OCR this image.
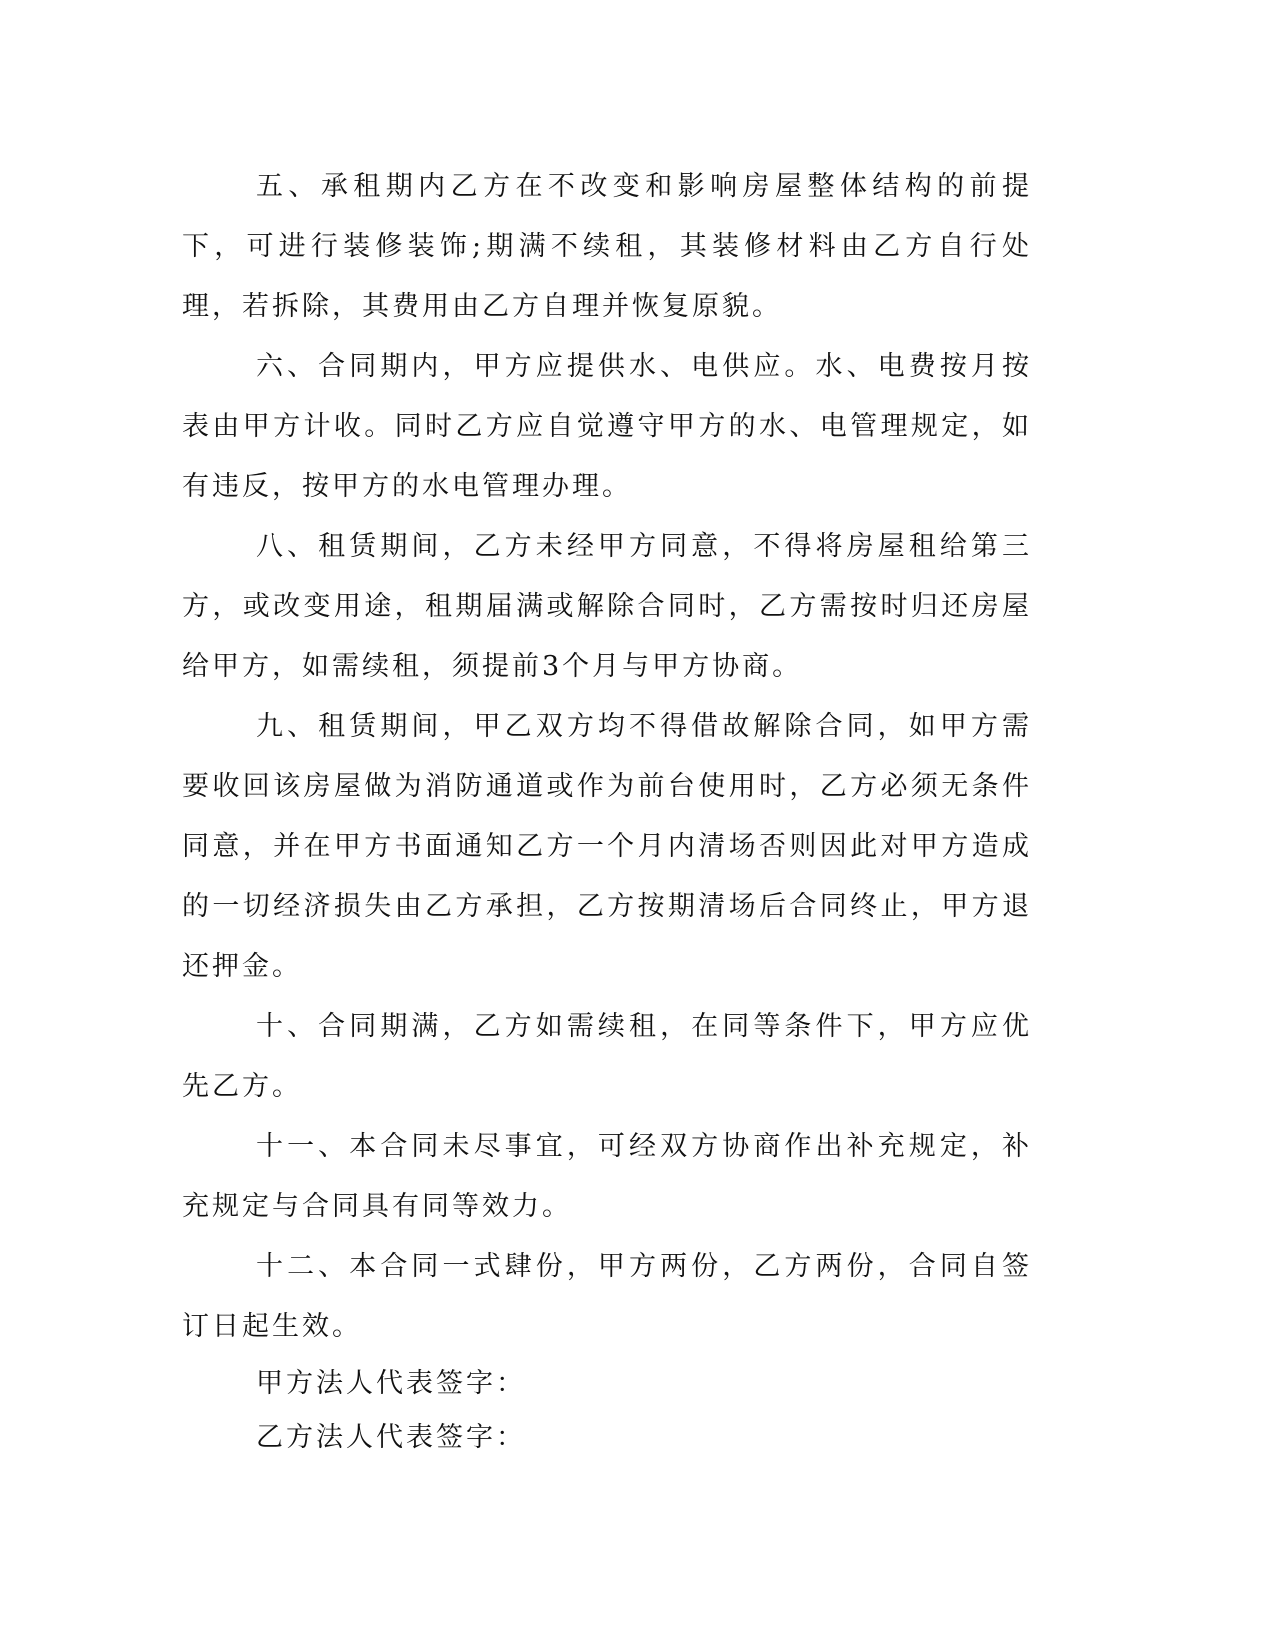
五、承租期内乙方在不改变和影响房屋整体结构的前提下，可进行装修装饰;期满不续租，其装修材料由乙方自行处理，若拆除，其费用由乙方自理并恢复原貌。

六、合同期内，甲方应提供水、电供应。水、电费按月按表由甲方计收。同时乙方应自觉遵守甲方的水、电管理规定，如有违反，按甲方的水电管理办理。

八、租赁期间，乙方未经甲方同意，不得将房屋租给第三方，或改变用途，租期届满或解除合同时，乙方需按时归还房屋给甲方，如需续租，须提前3个月与甲方协商。

九、租赁期间，甲乙双方均不得借故解除合同，如甲方需要收回该房屋做为消防通道或作为前台使用时，乙方必须无条件同意，并在甲方书面通知乙方一个月内清场否则因此对甲方造成的一切经济损失由乙方承担，乙方按期清场后合同终止，甲方退还押金。

十、合同期满，乙方如需续租，在同等条件下，甲方应优先乙方。

十一、本合同未尽事宜，可经双方协商作出补充规定，补充规定与合同具有同等效力。

十二、本合同一式肆份，甲方两份，乙方两份，合同自签订日起生效。

甲方法人代表签字：

乙方法人代表签字：
